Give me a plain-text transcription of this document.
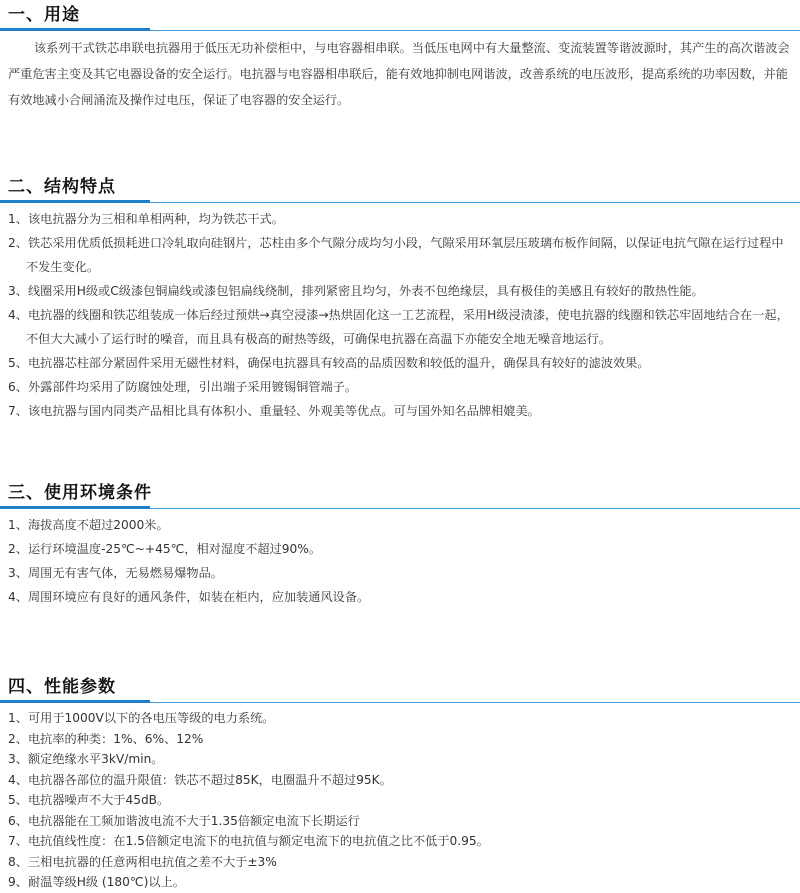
一、用途

该系列干式铁芯串联电抗器用于低压无功补偿柜中，与电容器相串联。当低压电网中有大量整流、变流装置等谐波源时，其产生的高次谐波会严重危害主变及其它电器设备的安全运行。电抗器与电容器相串联后，能有效地抑制电网谐波，改善系统的电压波形，提高系统的功率因数，并能有效地减小合闸涌流及操作过电压，保证了电容器的安全运行。

二、结构特点
1、该电抗器分为三相和单相两种，均为铁芯干式。
2、铁芯采用优质低损耗进口冷轧取向硅钢片，芯柱由多个气隙分成均匀小段，气隙采用环氧层压玻璃布板作间隔，以保证电抗气隙在运行过程中不发生变化。
3、线圈采用H级或C级漆包铜扁线或漆包铝扁线绕制，排列紧密且均匀，外表不包绝缘层，具有极佳的美感且有较好的散热性能。
4、电抗器的线圈和铁芯组装成一体后经过预烘→真空浸漆→热烘固化这一工艺流程，采用H级浸渍漆，使电抗器的线圈和铁芯牢固地结合在一起，不但大大减小了运行时的噪音，而且具有极高的耐热等级，可确保电抗器在高温下亦能安全地无噪音地运行。
5、电抗器芯柱部分紧固件采用无磁性材料，确保电抗器具有较高的品质因数和较低的温升，确保具有较好的滤波效果。
6、外露部件均采用了防腐蚀处理，引出端子采用镀锡铜管端子。
7、该电抗器与国内同类产品相比具有体积小、重量轻、外观美等优点。可与国外知名品牌相媲美。
三、使用环境条件
1、海拔高度不超过2000米。
2、运行环境温度-25℃~+45℃，相对湿度不超过90%。
3、周围无有害气体，无易燃易爆物品。
4、周围环境应有良好的通风条件，如装在柜内，应加装通风设备。
四、性能参数
1、可用于1000V以下的各电压等级的电力系统。
2、电抗率的种类：1%、6%、12%
3、额定绝缘水平3kV/min。
4、电抗器各部位的温升限值：铁芯不超过85K，电圈温升不超过95K。
5、电抗器噪声不大于45dB。
6、电抗器能在工频加谐波电流不大于1.35倍额定电流下长期运行
7、电抗值线性度：在1.5倍额定电流下的电抗值与额定电流下的电抗值之比不低于0.95。
8、三相电抗器的任意两相电抗值之差不大于±3%
9、耐温等级H级 (180℃)以上。
